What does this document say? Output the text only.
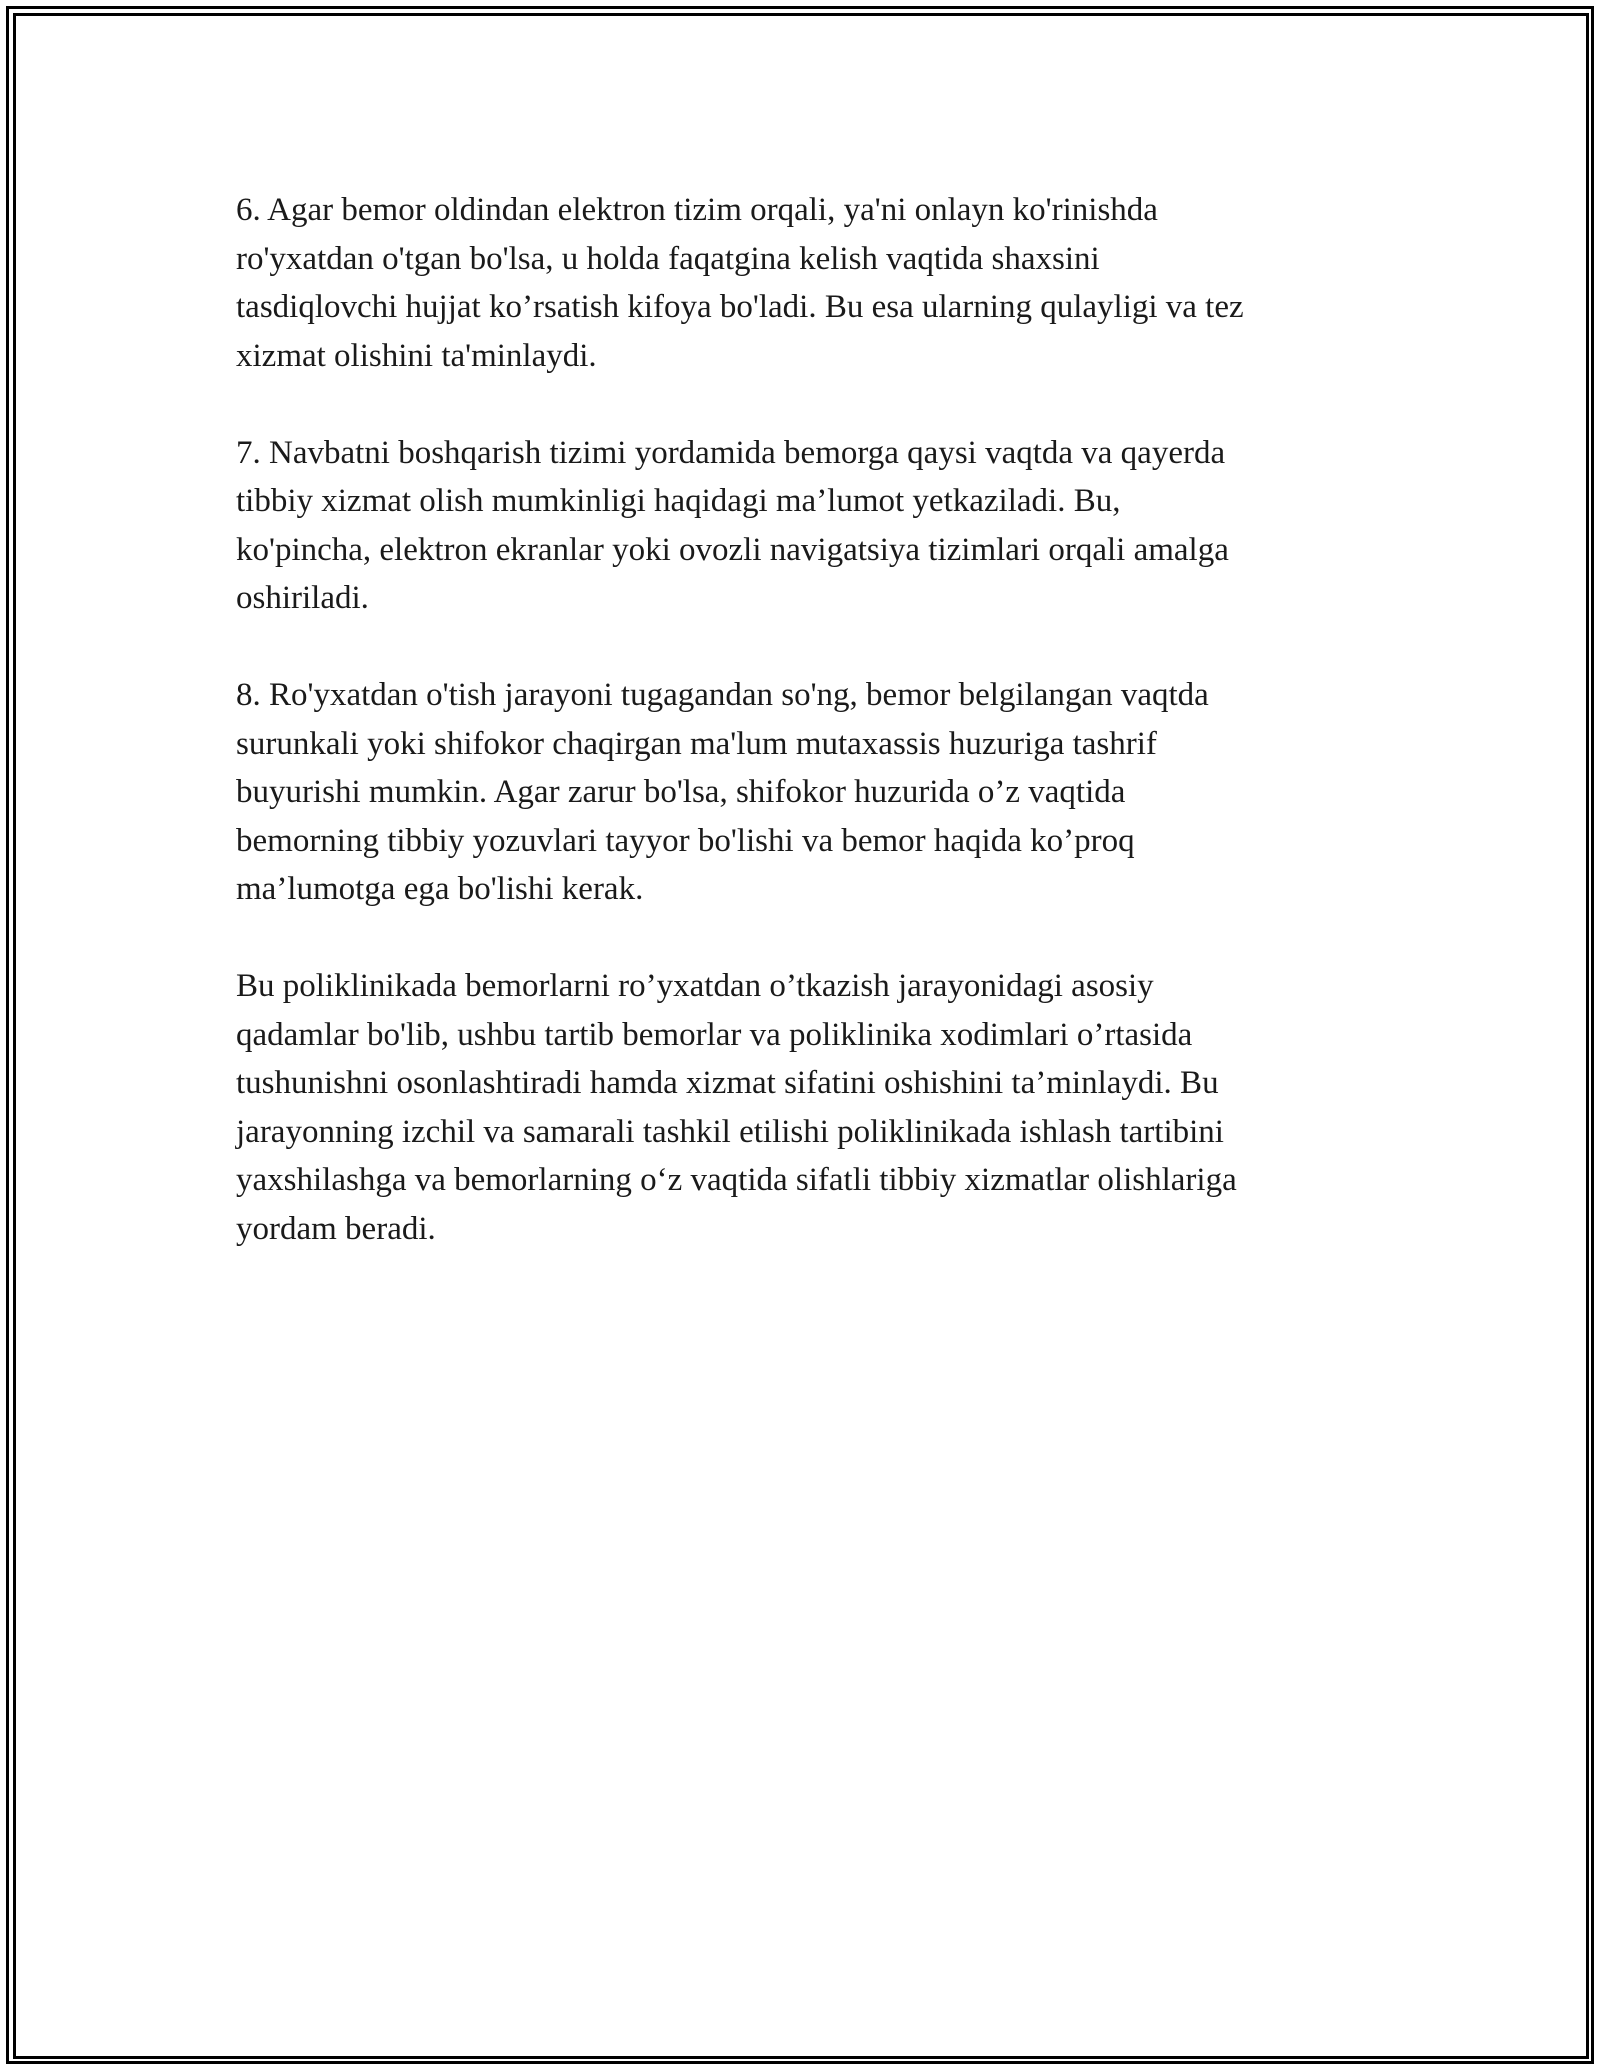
6. Agar bemor oldindan elektron tizim orqali, ya'ni onlayn ko'rinishda
ro'yxatdan o'tgan bo'lsa, u holda faqatgina kelish vaqtida shaxsini
tasdiqlovchi hujjat ko’rsatish kifoya bo'ladi. Bu esa ularning qulayligi va tez
xizmat olishini ta'minlaydi.

7. Navbatni boshqarish tizimi yordamida bemorga qaysi vaqtda va qayerda
tibbiy xizmat olish mumkinligi haqidagi ma’lumot yetkaziladi. Bu,
ko'pincha, elektron ekranlar yoki ovozli navigatsiya tizimlari orqali amalga
oshiriladi.

8. Ro'yxatdan o'tish jarayoni tugagandan so'ng, bemor belgilangan vaqtda
surunkali yoki shifokor chaqirgan ma'lum mutaxassis huzuriga tashrif
buyurishi mumkin. Agar zarur bo'lsa, shifokor huzurida o’z vaqtida
bemorning tibbiy yozuvlari tayyor bo'lishi va bemor haqida ko’proq
ma’lumotga ega bo'lishi kerak.

Bu poliklinikada bemorlarni ro’yxatdan o’tkazish jarayonidagi asosiy
qadamlar bo'lib, ushbu tartib bemorlar va poliklinika xodimlari o’rtasida
tushunishni osonlashtiradi hamda xizmat sifatini oshishini ta’minlaydi. Bu
jarayonning izchil va samarali tashkil etilishi poliklinikada ishlash tartibini
yaxshilashga va bemorlarning o‘z vaqtida sifatli tibbiy xizmatlar olishlariga
yordam beradi.
